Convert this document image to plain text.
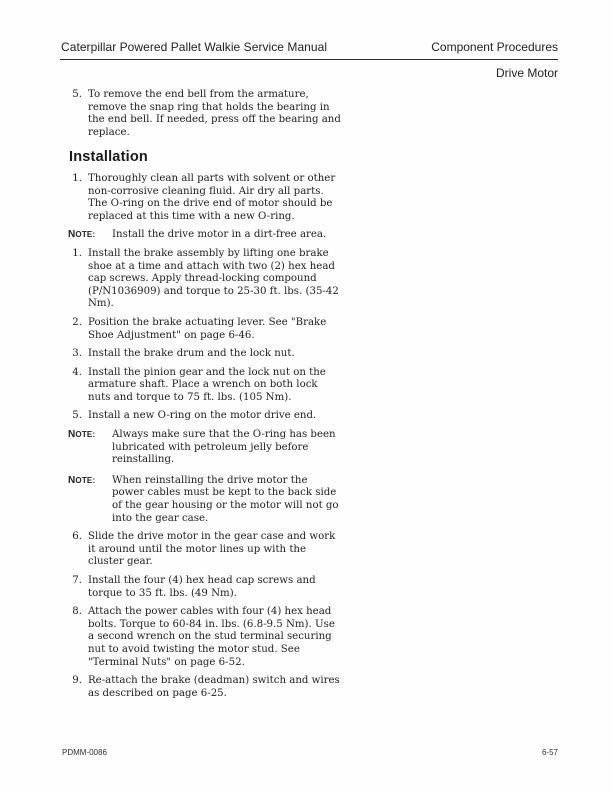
Caterpillar Powered Pallet Walkie Service Manual	Component Procedures
Drive Motor
5. To remove the end bell from the armature, remove the snap ring that holds the bearing in the end bell. If needed, press off the bearing and replace.
Installation
1. Thoroughly clean all parts with solvent or other non-corrosive cleaning fluid. Air dry all parts. The O-ring on the drive end of motor should be replaced at this time with a new O-ring.
NOTE:	Install the drive motor in a dirt-free area.
1. Install the brake assembly by lifting one brake shoe at a time and attach with two (2) hex head cap screws. Apply thread-locking compound (P/N1036909) and torque to 25-30 ft. lbs. (35-42 Nm).
2. Position the brake actuating lever. See "Brake Shoe Adjustment" on page 6-46.
3. Install the brake drum and the lock nut.
4. Install the pinion gear and the lock nut on the armature shaft. Place a wrench on both lock nuts and torque to 75 ft. lbs. (105 Nm).
5. Install a new O-ring on the motor drive end.
NOTE:	Always make sure that the O-ring has been lubricated with petroleum jelly before reinstalling.
NOTE:	When reinstalling the drive motor the power cables must be kept to the back side of the gear housing or the motor will not go into the gear case.
6. Slide the drive motor in the gear case and work it around until the motor lines up with the cluster gear.
7. Install the four (4) hex head cap screws and torque to 35 ft. lbs. (49 Nm).
8. Attach the power cables with four (4) hex head bolts. Torque to 60-84 in. lbs. (6.8-9.5 Nm). Use a second wrench on the stud terminal securing nut to avoid twisting the motor stud. See "Terminal Nuts" on page 6-52.
9. Re-attach the brake (deadman) switch and wires as described on page 6-25.
PDMM-0086	6-57
